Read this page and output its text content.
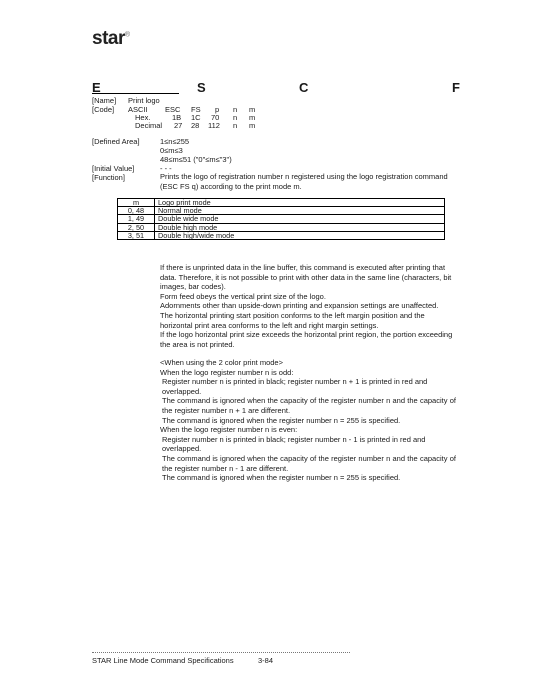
star®
E	S	C	F
[Name] Print logo
[Code] ASCII ESC FS p n m
Hex.	1B 1C 70 n m
Decimal 27 28 112 n m
[Defined Area]	1≤n≤255
0≤m≤3
48≤m≤51 ("0"≤m≤"3")
[Initial Value]	- - -
[Function]	Prints the logo of registration number n registered using the logo registration command (ESC FS q) according to the print mode m.

m	Logo print mode
0, 48	Normal mode
1, 49	Double wide mode
2, 50	Double high mode
3, 51	Double high/wide mode

If there is unprinted data in the line buffer, this command is executed after printing that data. Therefore, it is not possible to print with other data in the same line (characters, bit images, bar codes).

Form feed obeys the vertical print size of the logo.

Adornments other than upside-down printing and expansion settings are unaffected.

The horizontal printing start position conforms to the left margin position and the horizontal print area conforms to the left and right margin settings.

If the logo horizontal print size exceeds the horizontal print region, the portion exceeding the area is not printed.

<When using the 2 color print mode>

When the logo register number n is odd:

Register number n is printed in black; register number n + 1 is printed in red and overlapped.

The command is ignored when the capacity of the register number n and the capacity of the register number n + 1 are different.

The command is ignored when the register number n = 255 is specified.

When the logo register number n is even:

Register number n is printed in black; register number n - 1 is printed in red and overlapped.

The command is ignored when the capacity of the register number n and the capacity of the register number n - 1 are different.

The command is ignored when the register number n = 255 is specified.

STAR Line Mode Command Specifications	3-84
